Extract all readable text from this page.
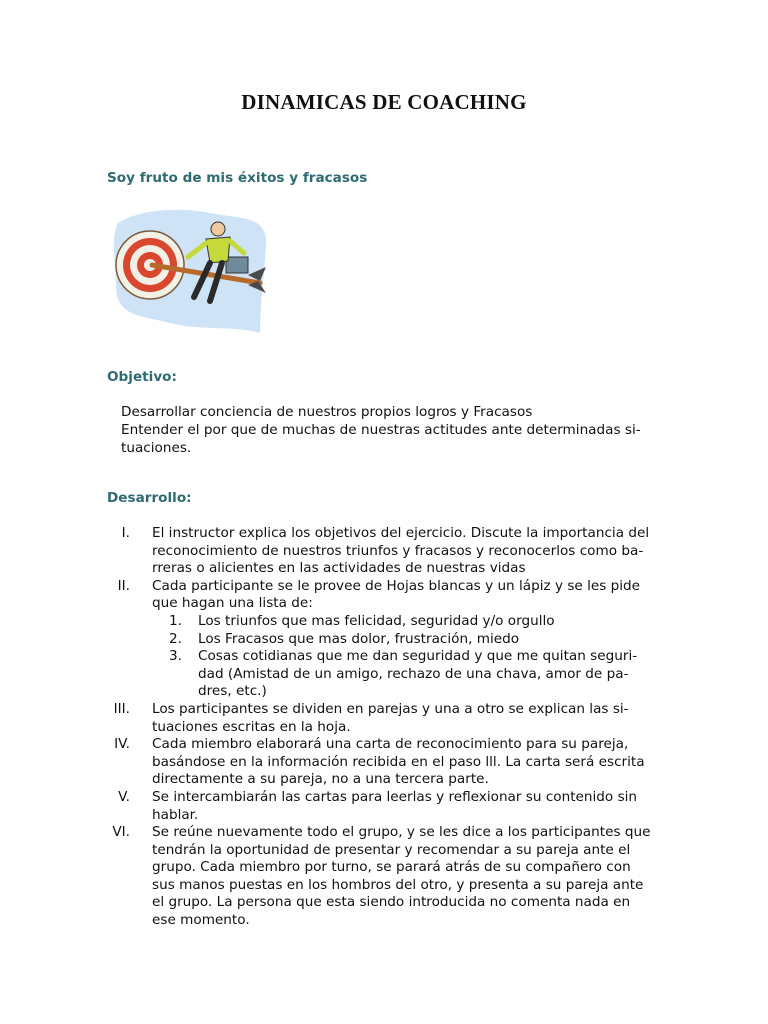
DINAMICAS DE COACHING
Soy fruto de mis éxitos y fracasos
Objetivo:
Desarrollar conciencia de nuestros propios logros y Fracasos
Entender el por que de muchas de nuestras actitudes ante determinadas si-
tuaciones.
Desarrollo:
I. El instructor explica los objetivos del ejercicio. Discute la importancia del
reconocimiento de nuestros triunfos y fracasos y reconocerlos como ba-
rreras o alicientes en las actividades de nuestras vidas
II. Cada participante se le provee de Hojas blancas y un lápiz y se les pide
que hagan una lista de:
1. Los triunfos que mas felicidad, seguridad y/o orgullo
2. Los Fracasos que mas dolor, frustración, miedo
3. Cosas cotidianas que me dan seguridad y que me quitan seguri-
dad (Amistad de un amigo, rechazo de una chava, amor de pa-
dres, etc.)
III. Los participantes se dividen en parejas y una a otro se explican las si-
tuaciones escritas en la hoja.
IV. Cada miembro elaborará una carta de reconocimiento para su pareja,
basándose en la información recibida en el paso lll. La carta será escrita
directamente a su pareja, no a una tercera parte.
V. Se intercambiarán las cartas para leerlas y reflexionar su contenido sin
hablar.
VI. Se reúne nuevamente todo el grupo, y se les dice a los participantes que
tendrán la oportunidad de presentar y recomendar a su pareja ante el
grupo. Cada miembro por turno, se parará atrás de su compañero con
sus manos puestas en los hombros del otro, y presenta a su pareja ante
el grupo. La persona que esta siendo introducida no comenta nada en
ese momento.
